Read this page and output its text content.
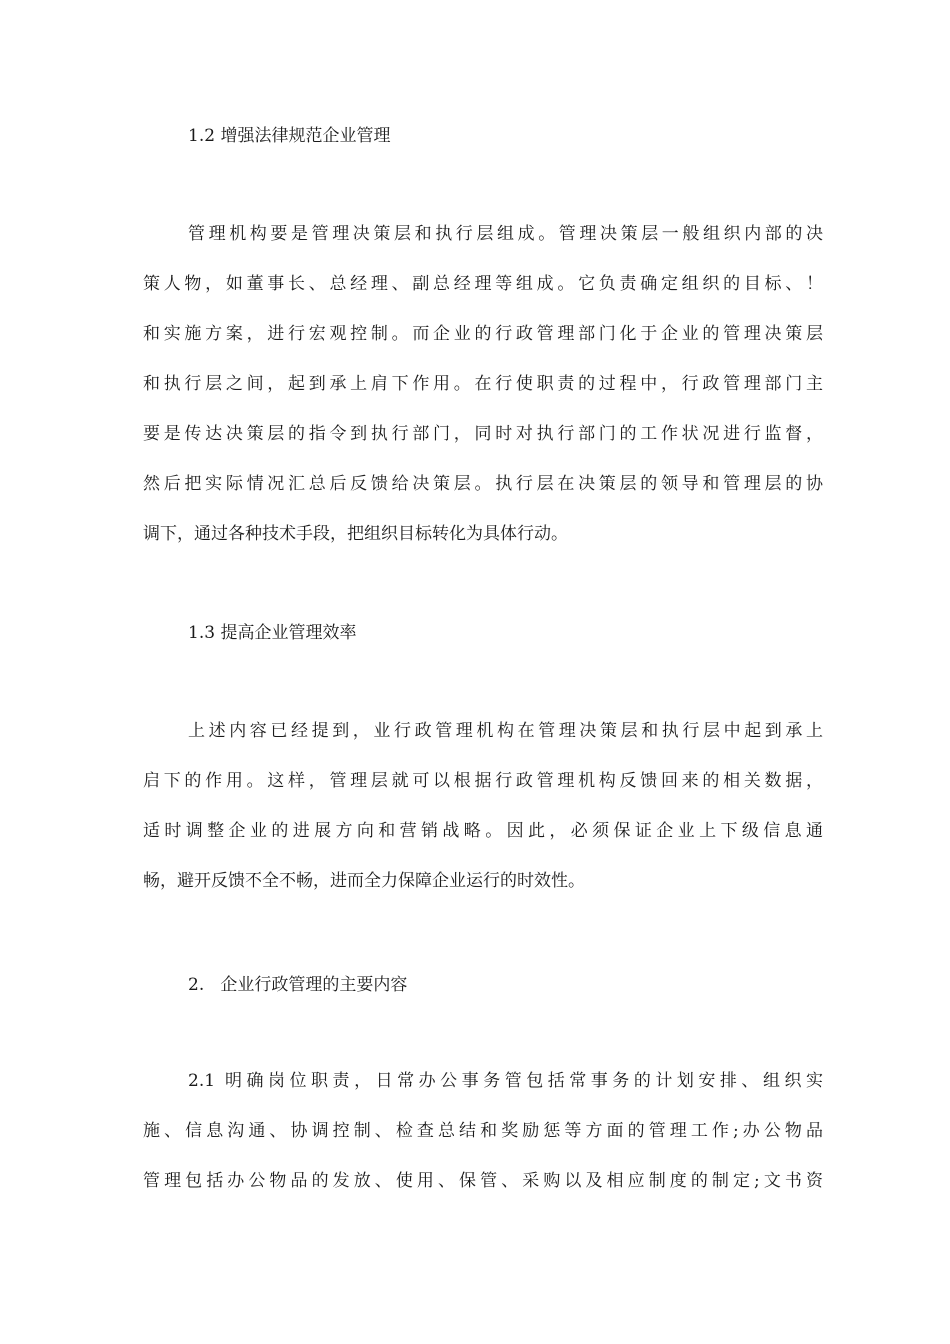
1.2 增强法律规范企业管理
管理机构要是管理决策层和执行层组成。管理决策层一般组织内部的决
策人物，如董事长、总经理、副总经理等组成。它负责确定组织的目标、！
和实施方案，进行宏观控制。而企业的行政管理部门化于企业的管理决策层
和执行层之间，起到承上肩下作用。在行使职责的过程中，行政管理部门主
要是传达决策层的指令到执行部门，同时对执行部门的工作状况进行监督，
然后把实际情况汇总后反馈给决策层。执行层在决策层的领导和管理层的协
调下，通过各种技术手段，把组织目标转化为具体行动。
1.3 提高企业管理效率
上述内容已经提到，业行政管理机构在管理决策层和执行层中起到承上
启下的作用。这样，管理层就可以根据行政管理机构反馈回来的相关数据，
适时调整企业的进展方向和营销战略。因此，必须保证企业上下级信息通
畅，避开反馈不全不畅，进而全力保障企业运行的时效性。
2.   企业行政管理的主要内容
2.1 明确岗位职责，日常办公事务管包括常事务的计划安排、组织实
施、信息沟通、协调控制、检查总结和奖励惩等方面的管理工作;办公物品
管理包括办公物品的发放、使用、保管、采购以及相应制度的制定;文书资
